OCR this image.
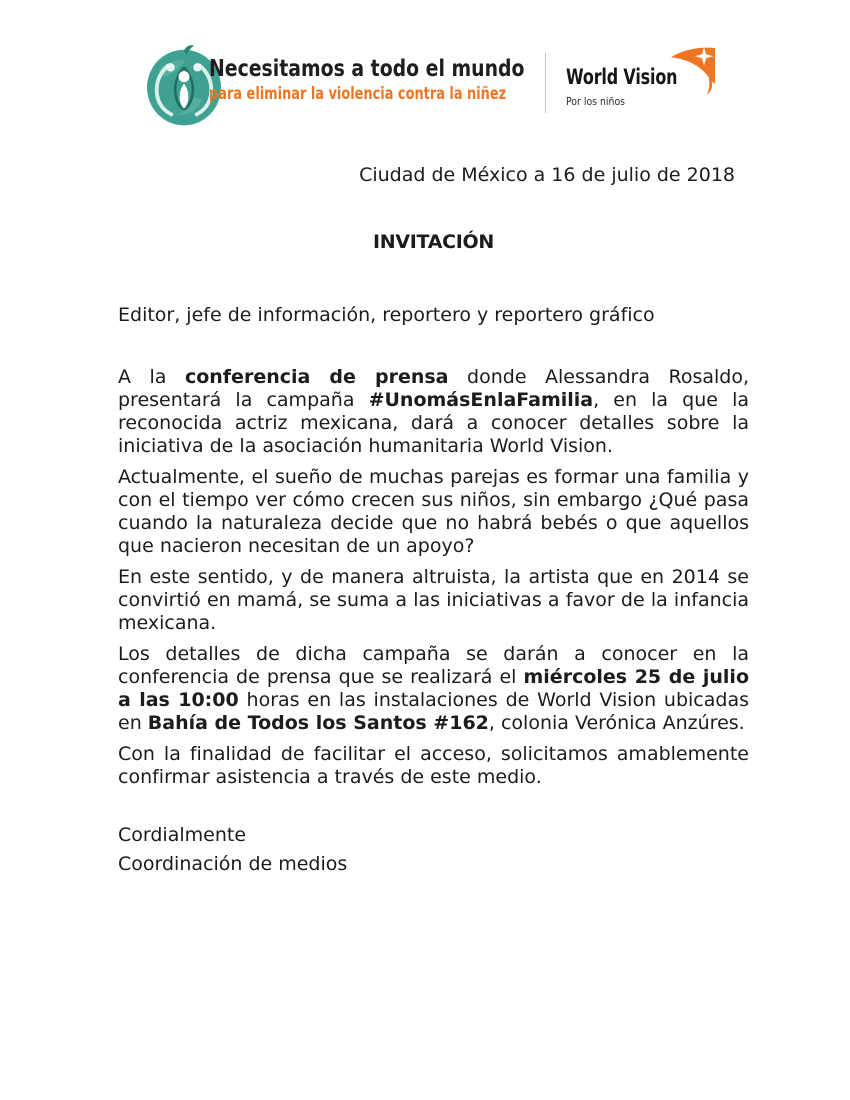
Necesitamos a todo el mundo
para eliminar la violencia contra la niñez
World Vision
Por los niños

Ciudad de México a 16 de julio de 2018

INVITACIÓN

Editor, jefe de información, reportero y reportero gráfico

A la conferencia de prensa donde Alessandra Rosaldo, presentará la campaña #UnomásEnlaFamilia, en la que la reconocida actriz mexicana, dará a conocer detalles sobre la iniciativa de la asociación humanitaria World Vision.

Actualmente, el sueño de muchas parejas es formar una familia y con el tiempo ver cómo crecen sus niños, sin embargo ¿Qué pasa cuando la naturaleza decide que no habrá bebés o que aquellos que nacieron necesitan de un apoyo?

En este sentido, y de manera altruista, la artista que en 2014 se convirtió en mamá, se suma a las iniciativas a favor de la infancia mexicana.

Los detalles de dicha campaña se darán a conocer en la conferencia de prensa que se realizará el miércoles 25 de julio a las 10:00 horas en las instalaciones de World Vision ubicadas en Bahía de Todos los Santos #162, colonia Verónica Anzúres.

Con la finalidad de facilitar el acceso, solicitamos amablemente confirmar asistencia a través de este medio.

Cordialmente

Coordinación de medios
